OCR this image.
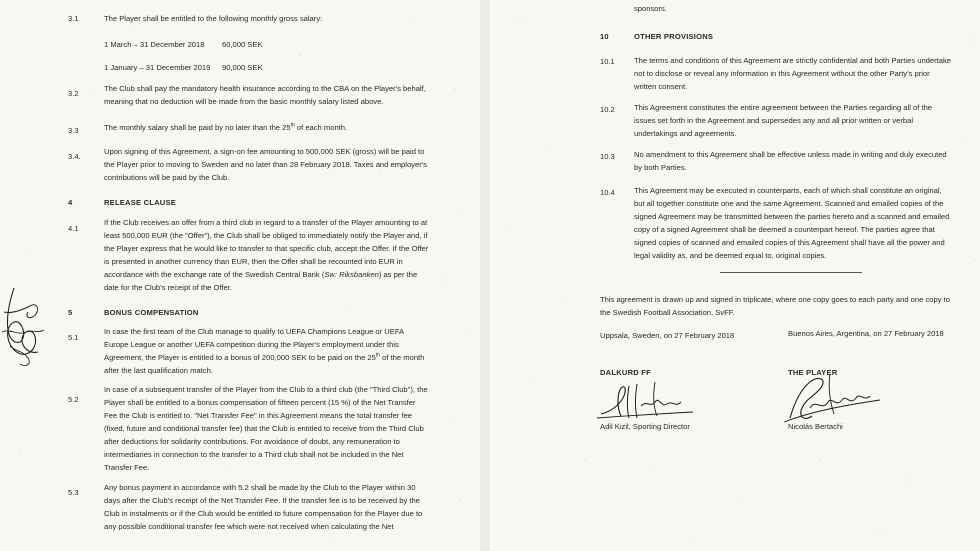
3.1	The Player shall be entitled to the following monthly gross salary:
1 March – 31 December 2018 60,000 SEK
1 January – 31 December 2019 90,000 SEK
3.2
The Club shall pay the mandatory health insurance according to the CBA on the Player's behalf, meaning that no deduction will be made from the basic monthly salary listed above.
3.3	The monthly salary shall be paid by no later than the 25th of each month.
3.4.
Upon signing of this Agreement, a sign-on fee amounting to 500,000 SEK (gross) will be paid to the Player prior to moving to Sweden and no later than 28 February 2018. Taxes and employer's contributions will be paid by the Club.
4	RELEASE CLAUSE
4.1
If the Club receives an offer from a third club in regard to a transfer of the Player amounting to at least 500,000 EUR (the "Offer"), the Club shall be obliged to immediately notify the Player and, if the Player express that he would like to transfer to that specific club, accept the Offer. If the Offer is presented in another currency than EUR, then the Offer shall be recounted into EUR in accordance with the exchange rate of the Swedish Central Bank (Sw: Riksbanken) as per the date for the Club's receipt of the Offer.
5	BONUS COMPENSATION
5.1
In case the first team of the Club manage to qualify to UEFA Champions League or UEFA Europe League or another UEFA competition during the Player's employment under this Agreement, the Player is entitled to a bonus of 200,000 SEK to be paid on the 25th of the month after the last qualification match.
5.2
In case of a subsequent transfer of the Player from the Club to a third club (the "Third Club"), the Player shall be entitled to a bonus compensation of fifteen percent (15 %) of the Net Transfer Fee the Club is entitled to. "Net Transfer Fee" in this Agreement means the total transfer fee (fixed, future and conditional transfer fee) that the Club is entitled to receive from the Third Club after deductions for solidarity contributions. For avoidance of doubt, any remuneration to intermediaries in connection to the transfer to a Third club shall not be included in the Net Transfer Fee.
5.3
Any bonus payment in accordance with 5.2 shall be made by the Club to the Player within 30 days after the Club's receipt of the Net Transfer Fee. If the transfer fee is to be received by the Club in instalments or if the Club would be entitled to future compensation for the Player due to any possible conditional transfer fee which were not received when calculating the Net
sponsors.
10	OTHER PROVISIONS
10.1	The terms and conditions of this Agreement are strictly confidential and both Parties undertake not to disclose or reveal any information in this Agreement without the other Party's prior written consent.
10.2	This Agreement constitutes the entire agreement between the Parties regarding all of the issues set forth in the Agreement and supersedes any and all prior written or verbal undertakings and agreements.
10.3	No amendment to this Agreement shall be effective unless made in writing and duly executed by both Parties.
10.4	This Agreement may be executed in counterparts, each of which shall constitute an original, but all together constitute one and the same Agreement. Scanned and emailed copies of the signed Agreement may be transmitted between the parties hereto and a scanned and emailed copy of a signed Agreement shall be deemed a counterpart hereof. The parties agree that signed copies of scanned and emailed copies of this Agreement shall have all the power and legal validity as, and be deemed equal to, original copies.
This agreement is drawn up and signed in triplicate, where one copy goes to each party and one copy to the Swedish Football Association, SvFF.
Uppsala, Sweden, on 27 February 2018	Buenos Aires, Argentina, on 27 February 2018
DALKURD FF	THE PLAYER
Adil Kizil, Sporting Director	Nicolás Bertachi
